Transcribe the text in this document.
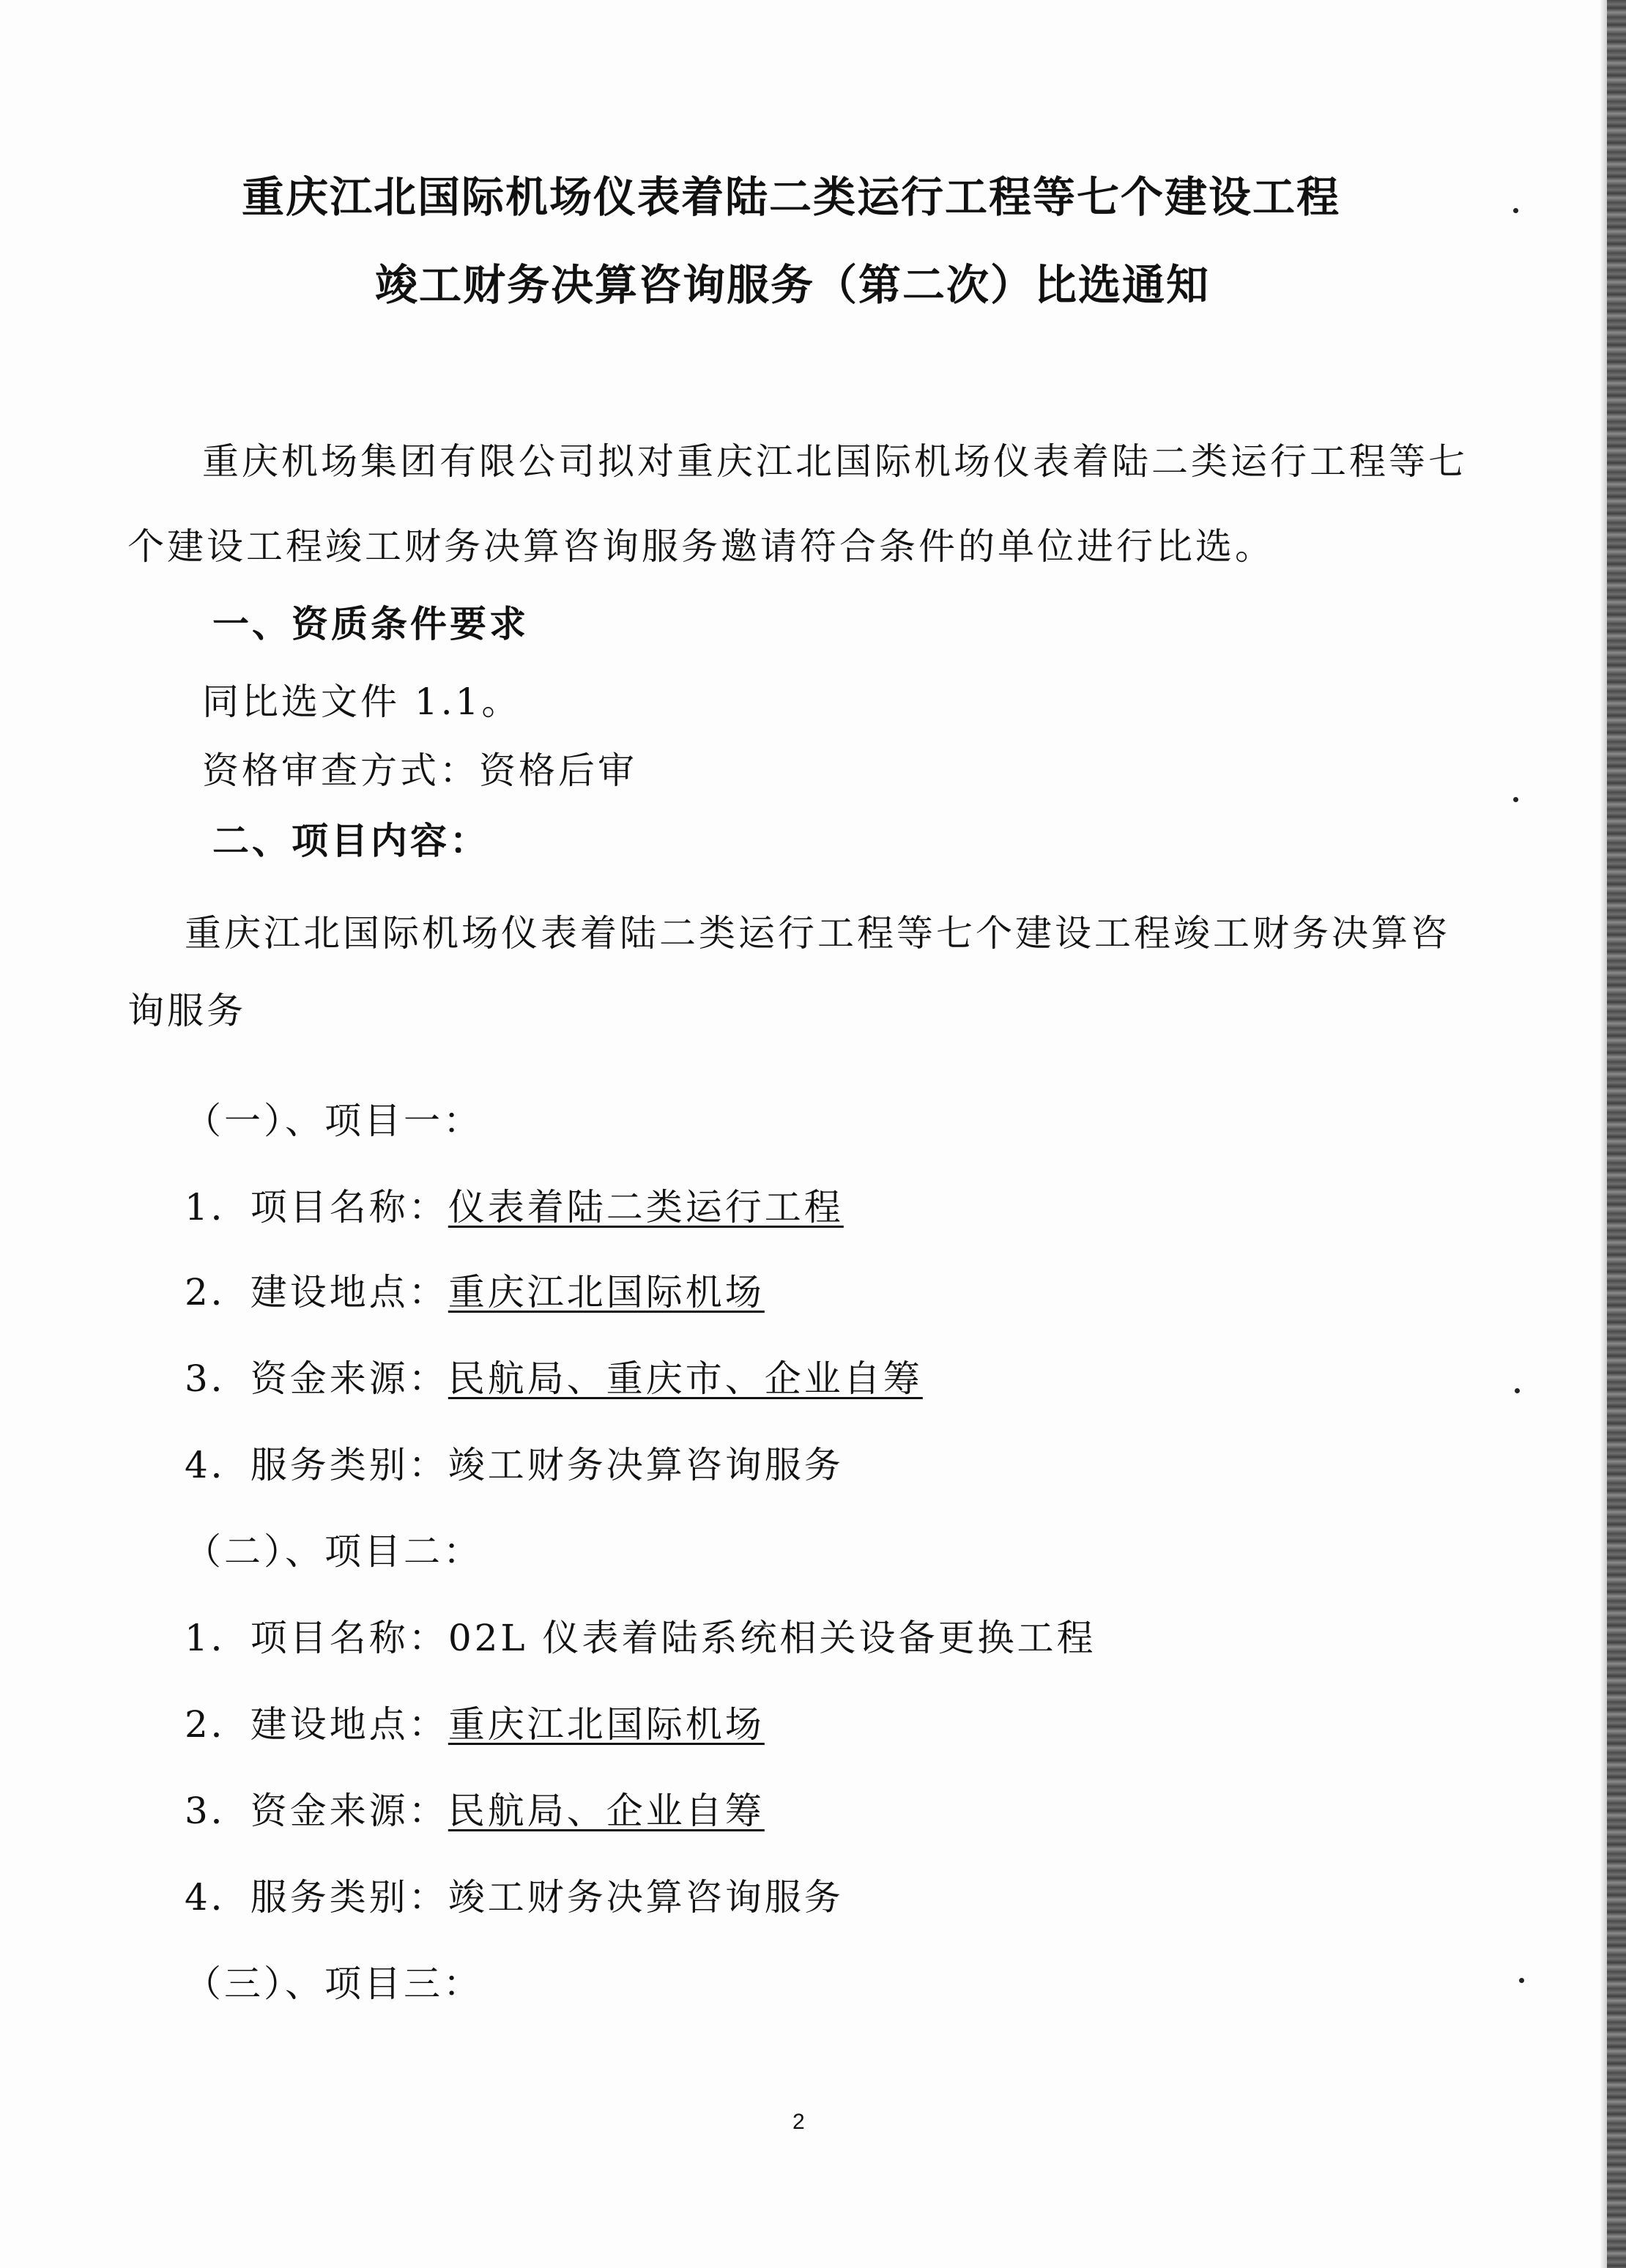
重庆江北国际机场仪表着陆二类运行工程等七个建设工程
竣工财务决算咨询服务（第二次）比选通知
重庆机场集团有限公司拟对重庆江北国际机场仪表着陆二类运行工程等七
个建设工程竣工财务决算咨询服务邀请符合条件的单位进行比选。
一、资质条件要求
同比选文件 1.1。
资格审查方式：资格后审
二、项目内容：
重庆江北国际机场仪表着陆二类运行工程等七个建设工程竣工财务决算咨
询服务
（一）、项目一：
1．项目名称：仪表着陆二类运行工程
2．建设地点：重庆江北国际机场
3．资金来源：民航局、重庆市、企业自筹
4．服务类别：竣工财务决算咨询服务
（二）、项目二：
1．项目名称：02L 仪表着陆系统相关设备更换工程
2．建设地点：重庆江北国际机场
3．资金来源：民航局、企业自筹
4．服务类别：竣工财务决算咨询服务
（三）、项目三：
2
